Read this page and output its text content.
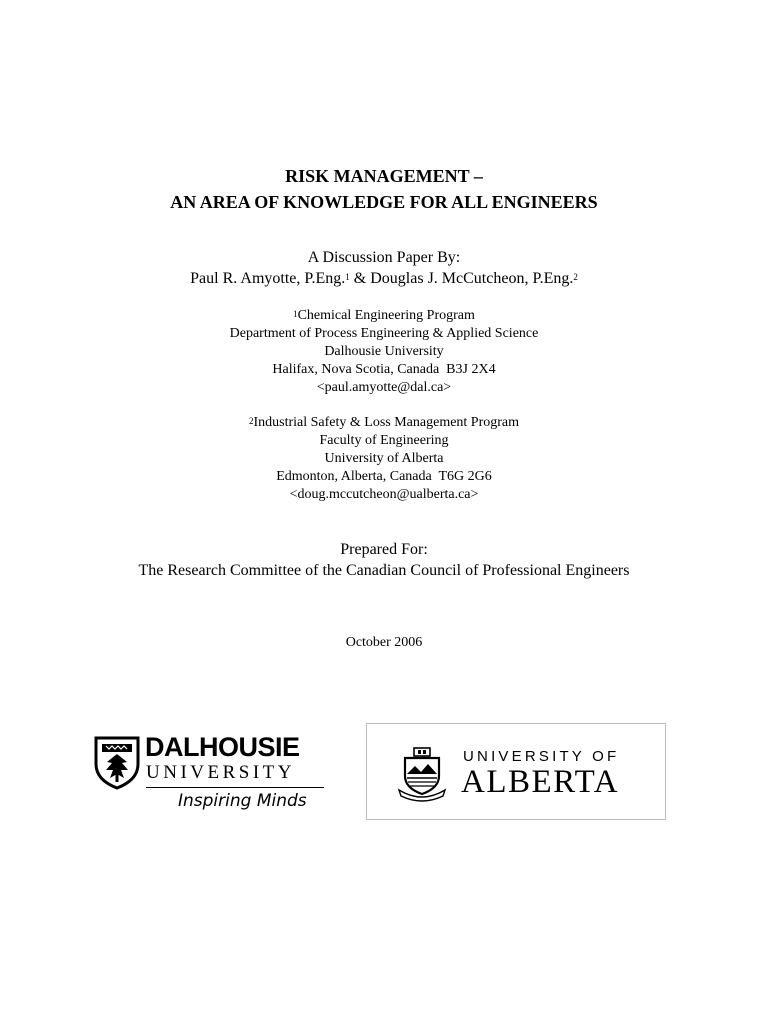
RISK MANAGEMENT –
AN AREA OF KNOWLEDGE FOR ALL ENGINEERS
A Discussion Paper By:
Paul R. Amyotte, P.Eng.$^1$ & Douglas J. McCutcheon, P.Eng.$^2$
$^1$Chemical Engineering Program
Department of Process Engineering & Applied Science
Dalhousie University
Halifax, Nova Scotia, Canada  B3J 2X4
<paul.amyotte@dal.ca>
$^2$Industrial Safety & Loss Management Program
Faculty of Engineering
University of Alberta
Edmonton, Alberta, Canada  T6G 2G6
<doug.mccutcheon@ualberta.ca>
Prepared For:
The Research Committee of the Canadian Council of Professional Engineers
October 2006
DALHOUSIE
UNIVERSITY
Inspiring Minds
UNIVERSITY OF
ALBERTA
